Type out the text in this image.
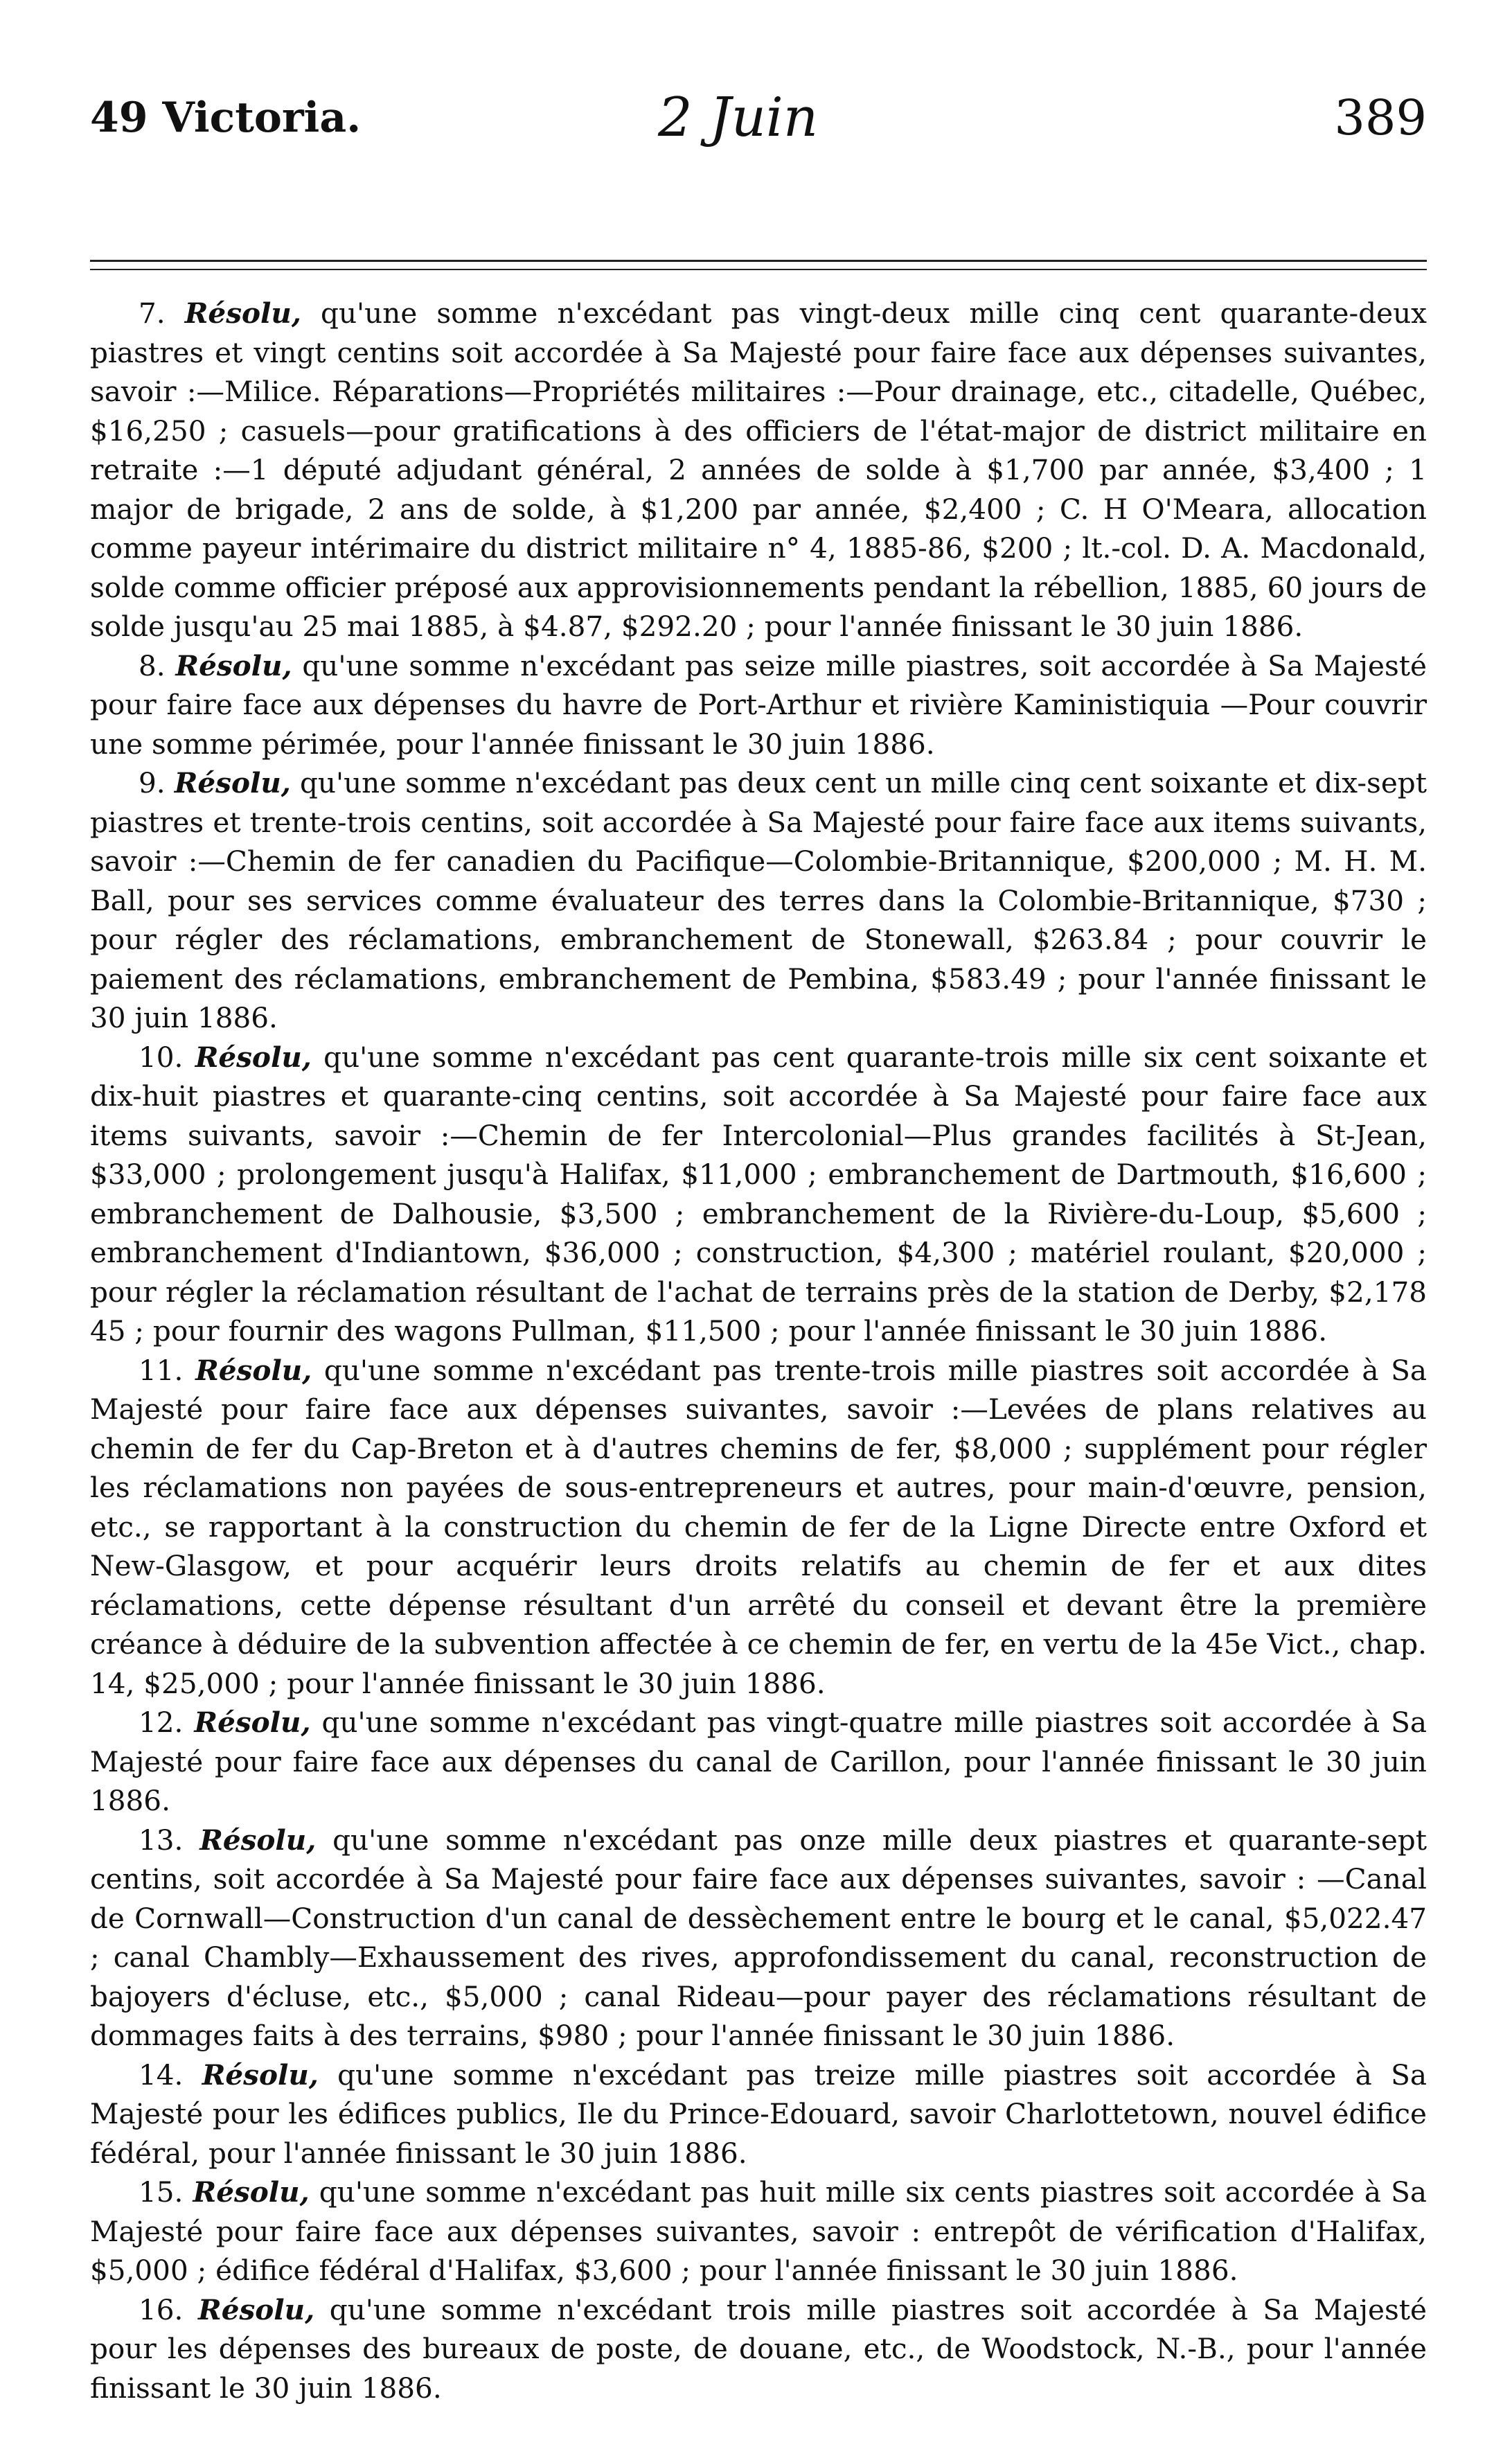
49 Victoria.	2 Juin	389

7. Résolu, qu'une somme n'excédant pas vingt-deux mille cinq cent quarante-deux piastres et vingt centins soit accordée à Sa Majesté pour faire face aux dépenses suivantes, savoir :—Milice. Réparations—Propriétés militaires :—Pour drainage, etc., citadelle, Québec, $16,250 ; casuels—pour gratifications à des officiers de l'état-major de district militaire en retraite :—1 député adjudant général, 2 années de solde à $1,700 par année, $3,400 ; 1 major de brigade, 2 ans de solde, à $1,200 par année, $2,400 ; C. H O'Meara, allocation comme payeur intérimaire du district militaire n° 4, 1885-86, $200 ; lt.-col. D. A. Macdonald, solde comme officier préposé aux approvisionnements pendant la rébellion, 1885, 60 jours de solde jusqu'au 25 mai 1885, à $4.87, $292.20 ; pour l'année finissant le 30 juin 1886.

8. Résolu, qu'une somme n'excédant pas seize mille piastres, soit accordée à Sa Majesté pour faire face aux dépenses du havre de Port-Arthur et rivière Kaministiquia —Pour couvrir une somme périmée, pour l'année finissant le 30 juin 1886.

9. Résolu, qu'une somme n'excédant pas deux cent un mille cinq cent soixante et dix-sept piastres et trente-trois centins, soit accordée à Sa Majesté pour faire face aux items suivants, savoir :—Chemin de fer canadien du Pacifique—Colombie-Britannique, $200,000 ; M. H. M. Ball, pour ses services comme évaluateur des terres dans la Colombie-Britannique, $730 ; pour régler des réclamations, embranchement de Stonewall, $263.84 ; pour couvrir le paiement des réclamations, embranchement de Pembina, $583.49 ; pour l'année finissant le 30 juin 1886.

10. Résolu, qu'une somme n'excédant pas cent quarante-trois mille six cent soixante et dix-huit piastres et quarante-cinq centins, soit accordée à Sa Majesté pour faire face aux items suivants, savoir :—Chemin de fer Intercolonial—Plus grandes facilités à St-Jean, $33,000 ; prolongement jusqu'à Halifax, $11,000 ; embranchement de Dartmouth, $16,600 ; embranchement de Dalhousie, $3,500 ; embranchement de la Rivière-du-Loup, $5,600 ; embranchement d'Indiantown, $36,000 ; construction, $4,300 ; matériel roulant, $20,000 ; pour régler la réclamation résultant de l'achat de terrains près de la station de Derby, $2,178 45 ; pour fournir des wagons Pullman, $11,500 ; pour l'année finissant le 30 juin 1886.

11. Résolu, qu'une somme n'excédant pas trente-trois mille piastres soit accordée à Sa Majesté pour faire face aux dépenses suivantes, savoir :—Levées de plans relatives au chemin de fer du Cap-Breton et à d'autres chemins de fer, $8,000 ; supplément pour régler les réclamations non payées de sous-entrepreneurs et autres, pour main-d'œuvre, pension, etc., se rapportant à la construction du chemin de fer de la Ligne Directe entre Oxford et New-Glasgow, et pour acquérir leurs droits relatifs au chemin de fer et aux dites réclamations, cette dépense résultant d'un arrêté du conseil et devant être la première créance à déduire de la subvention affectée à ce chemin de fer, en vertu de la 45e Vict., chap. 14, $25,000 ; pour l'année finissant le 30 juin 1886.

12. Résolu, qu'une somme n'excédant pas vingt-quatre mille piastres soit accordée à Sa Majesté pour faire face aux dépenses du canal de Carillon, pour l'année finissant le 30 juin 1886.

13. Résolu, qu'une somme n'excédant pas onze mille deux piastres et quarante-sept centins, soit accordée à Sa Majesté pour faire face aux dépenses suivantes, savoir : —Canal de Cornwall—Construction d'un canal de dessèchement entre le bourg et le canal, $5,022.47 ; canal Chambly—Exhaussement des rives, approfondissement du canal, reconstruction de bajoyers d'écluse, etc., $5,000 ; canal Rideau—pour payer des réclamations résultant de dommages faits à des terrains, $980 ; pour l'année finissant le 30 juin 1886.

14. Résolu, qu'une somme n'excédant pas treize mille piastres soit accordée à Sa Majesté pour les édifices publics, Ile du Prince-Edouard, savoir Charlottetown, nouvel édifice fédéral, pour l'année finissant le 30 juin 1886.

15. Résolu, qu'une somme n'excédant pas huit mille six cents piastres soit accordée à Sa Majesté pour faire face aux dépenses suivantes, savoir : entrepôt de vérification d'Halifax, $5,000 ; édifice fédéral d'Halifax, $3,600 ; pour l'année finissant le 30 juin 1886.

16. Résolu, qu'une somme n'excédant trois mille piastres soit accordée à Sa Majesté pour les dépenses des bureaux de poste, de douane, etc., de Woodstock, N.-B., pour l'année finissant le 30 juin 1886.
